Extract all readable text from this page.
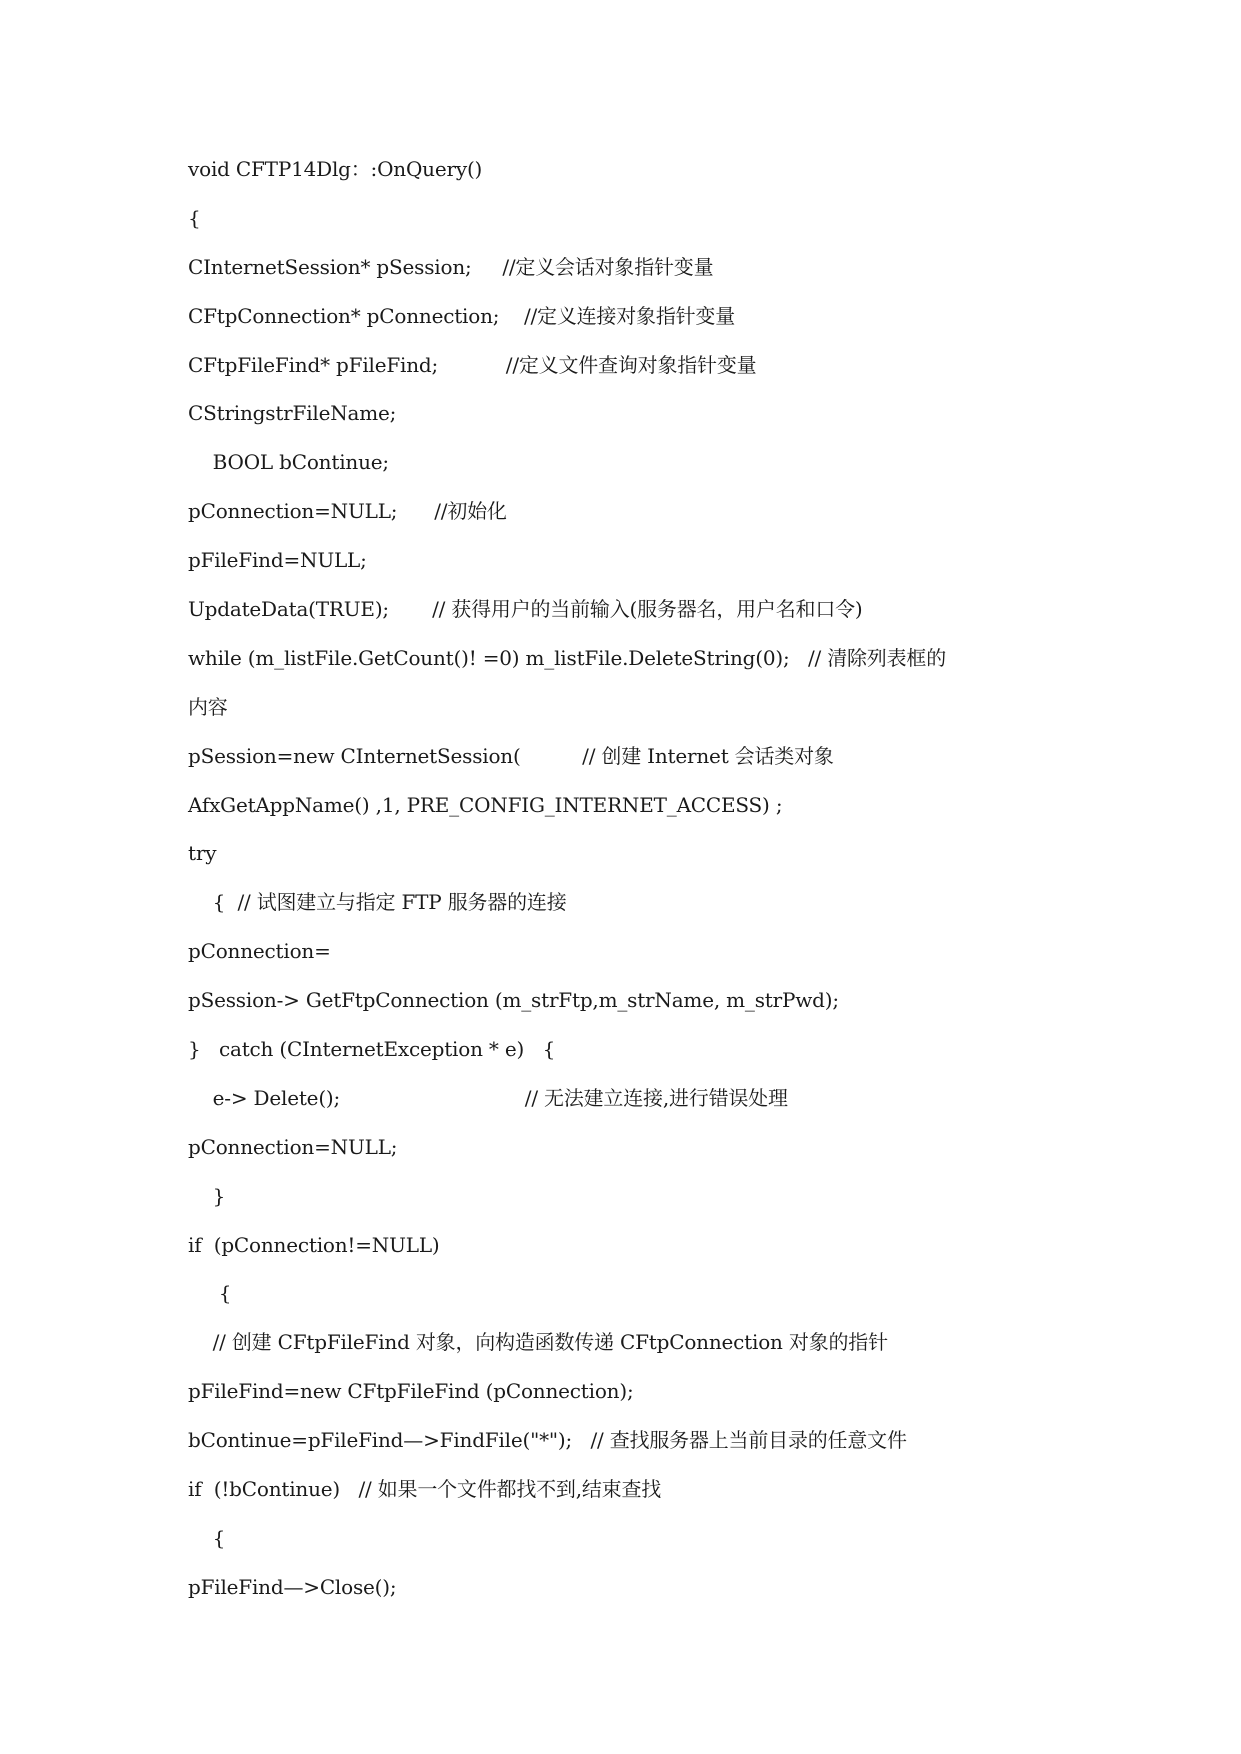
void CFTP14Dlg：:OnQuery()
{
CInternetSession* pSession;     //定义会话对象指针变量
CFtpConnection* pConnection;    //定义连接对象指针变量
CFtpFileFind* pFileFind;           //定义文件查询对象指针变量
CStringstrFileName;
BOOL bContinue;
pConnection=NULL;      //初始化
pFileFind=NULL;
UpdateData(TRUE);       // 获得用户的当前输入(服务器名，用户名和口令)
while (m_listFile.GetCount()! =0) m_listFile.DeleteString(0);   // 清除列表框的
内容
pSession=new CInternetSession(          // 创建 Internet 会话类对象
AfxGetAppName() ,1, PRE_CONFIG_INTERNET_ACCESS) ;
try
{  // 试图建立与指定 FTP 服务器的连接
pConnection=
pSession-> GetFtpConnection (m_strFtp,m_strName, m_strPwd);
}   catch (CInternetException * e)   {
e-> Delete();                              // 无法建立连接,进行错误处理
pConnection=NULL;
}
if  (pConnection!=NULL)
{
// 创建 CFtpFileFind 对象，向构造函数传递 CFtpConnection 对象的指针
pFileFind=new CFtpFileFind (pConnection);
bContinue=pFileFind—>FindFile("*");   // 查找服务器上当前目录的任意文件
if  (!bContinue)   // 如果一个文件都找不到,结束查找
{
pFileFind—>Close();
